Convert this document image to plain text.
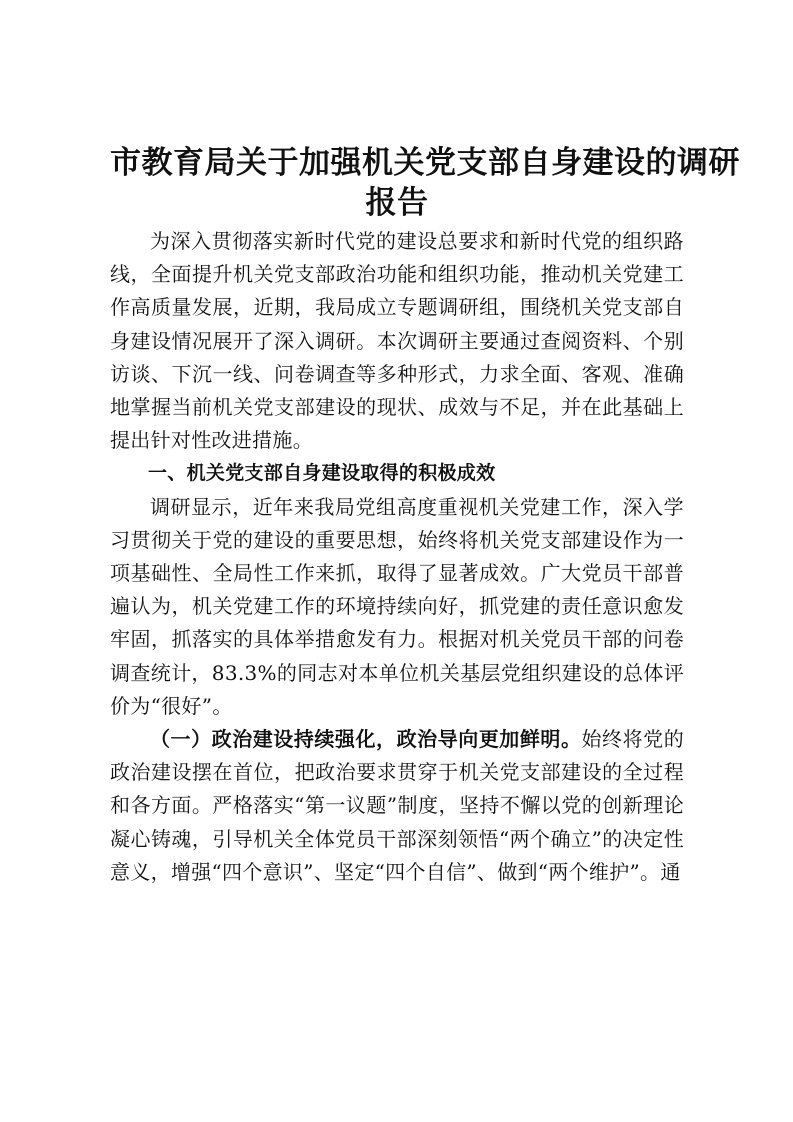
市教育局关于加强机关党支部自身建设的调研
报告

为深入贯彻落实新时代党的建设总要求和新时代党的组织路线，全面提升机关党支部政治功能和组织功能，推动机关党建工作高质量发展，近期，我局成立专题调研组，围绕机关党支部自身建设情况展开了深入调研。本次调研主要通过查阅资料、个别访谈、下沉一线、问卷调查等多种形式，力求全面、客观、准确地掌握当前机关党支部建设的现状、成效与不足，并在此基础上提出针对性改进措施。

一、机关党支部自身建设取得的积极成效

调研显示，近年来我局党组高度重视机关党建工作，深入学习贯彻关于党的建设的重要思想，始终将机关党支部建设作为一项基础性、全局性工作来抓，取得了显著成效。广大党员干部普遍认为，机关党建工作的环境持续向好，抓党建的责任意识愈发牢固，抓落实的具体举措愈发有力。根据对机关党员干部的问卷调查统计，83.3%的同志对本单位机关基层党组织建设的总体评价为“很好”。

（一）政治建设持续强化，政治导向更加鲜明。始终将党的政治建设摆在首位，把政治要求贯穿于机关党支部建设的全过程和各方面。严格落实“第一议题”制度，坚持不懈以党的创新理论凝心铸魂，引导机关全体党员干部深刻领悟“两个确立”的决定性意义，增强“四个意识”、坚定“四个自信”、做到“两个维护”。通
